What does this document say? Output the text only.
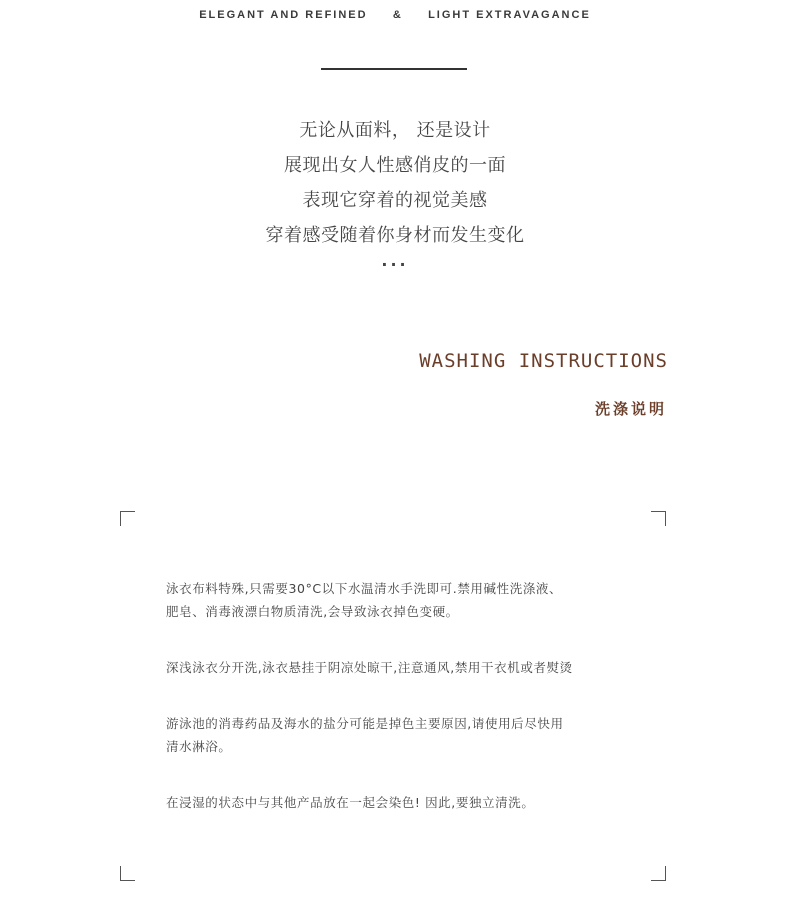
ELEGANT AND REFINED     &     LIGHT EXTRAVAGANCE
无论从面料， 还是设计
展现出女人性感俏皮的一面
表现它穿着的视觉美感
穿着感受随着你身材而发生变化
···
WASHING INSTRUCTIONS
洗涤说明
泳衣布料特殊,只需要30°C以下水温清水手洗即可.禁用碱性洗涤液、
肥皂、消毒液漂白物质清洗,会导致泳衣掉色变硬。
深浅泳衣分开洗,泳衣悬挂于阴凉处晾干,注意通风,禁用干衣机或者熨烫
游泳池的消毒药品及海水的盐分可能是掉色主要原因,请使用后尽快用
清水淋浴。
在浸湿的状态中与其他产品放在一起会染色! 因此,要独立清洗。
